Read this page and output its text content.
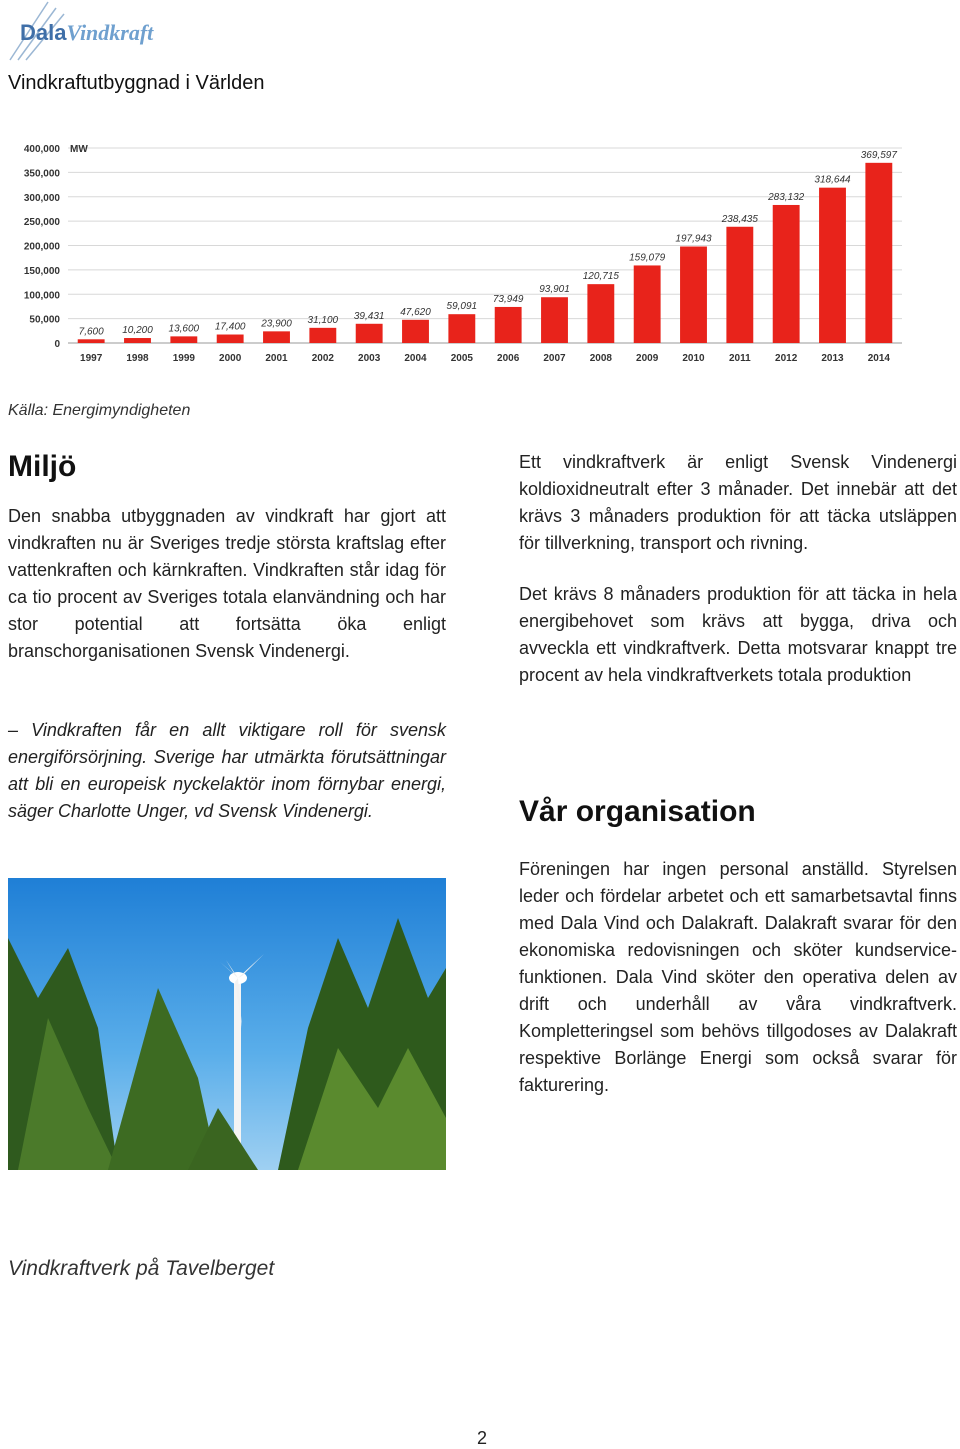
DalaVindkraft
Vindkraftutbyggnad i Världen
0
50,000
100,000
150,000
200,000
250,000
300,000
350,000
400,000 MW
7,600
1997
10,200
1998
13,600
1999
17,400
2000
23,900
2001
31,100
2002
39,431
2003
47,620
2004
59,091
2005
73,949
2006
93,901
2007
120,715
2008
159,079
2009
197,943
2010
238,435
2011
283,132
2012
318,644
2013
369,597
2014
Källa: Energimyndigheten
Miljö
Den snabba utbyggnaden av vindkraft har gjort att vindkraften nu är Sveriges tredje största kraftslag efter vattenkraften och kärnkraften. Vindkraften står idag för ca tio procent av Sveriges totala elanvändning och har stor potential att fortsätta öka enligt branschorganisationen Svensk Vindenergi.
– Vindkraften får en allt viktigare roll för svensk energiförsörjning. Sverige har utmärkta förutsättningar att bli en europeisk nyckelaktör inom förnybar energi, säger Charlotte Unger, vd Svensk Vindenergi.
Vindkraftverk på Tavelberget
Ett vindkraftverk är enligt Svensk Vindenergi koldioxidneutralt efter 3 månader. Det innebär att det krävs 3 månaders produktion för att täcka utsläppen för tillverkning, transport och rivning.
Det krävs 8 månaders produktion för att täcka in hela energibehovet som krävs att bygga, driva och avveckla ett vindkraftverk. Detta motsvarar knappt tre procent av hela vindkraftverkets totala produktion
Vår organisation
Föreningen har ingen personal anställd. Styrelsen leder och fördelar arbetet och ett samarbetsavtal finns med Dala Vind och Dalakraft. Dalakraft svarar för den ekonomiska redovisningen och sköter kundservice-funktionen. Dala Vind sköter den operativa delen av drift och underhåll av våra vindkraftverk. Kompletteringsel som behövs tillgodoses av Dalakraft respektive Borlänge Energi som också svarar för fakturering.
2
